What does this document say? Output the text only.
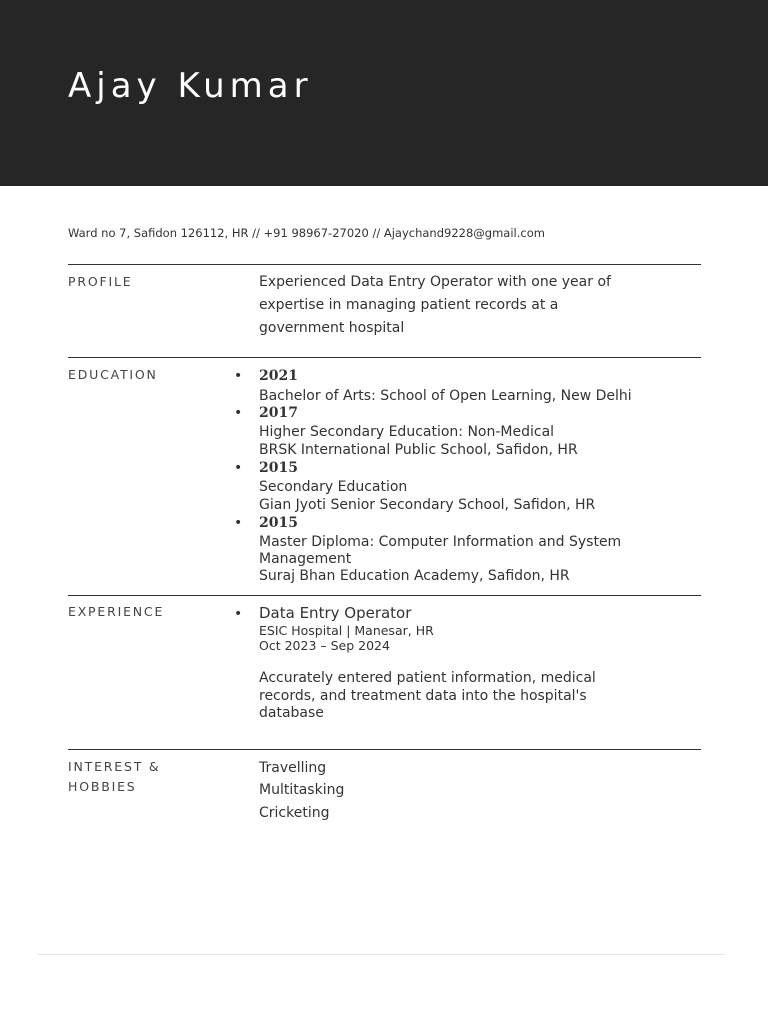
Ajay Kumar
Ward no 7, Safidon 126112, HR // +91 98967-27020 // Ajaychand9228@gmail.com
PROFILE	Experienced Data Entry Operator with one year of expertise in managing patient records at a government hospital
EDUCATION	• 2021
Bachelor of Arts: School of Open Learning, New Delhi
• 2017
Higher Secondary Education: Non-Medical
BRSK International Public School, Safidon, HR
• 2015
Secondary Education
Gian Jyoti Senior Secondary School, Safidon, HR
• 2015
Master Diploma: Computer Information and System
Management
Suraj Bhan Education Academy, Safidon, HR
EXPERIENCE	• Data Entry Operator
ESIC Hospital | Manesar, HR
Oct 2023 – Sep 2024
Accurately entered patient information, medical records, and treatment data into the hospital's database
INTEREST &
HOBBIES
Travelling
Multitasking
Cricketing
